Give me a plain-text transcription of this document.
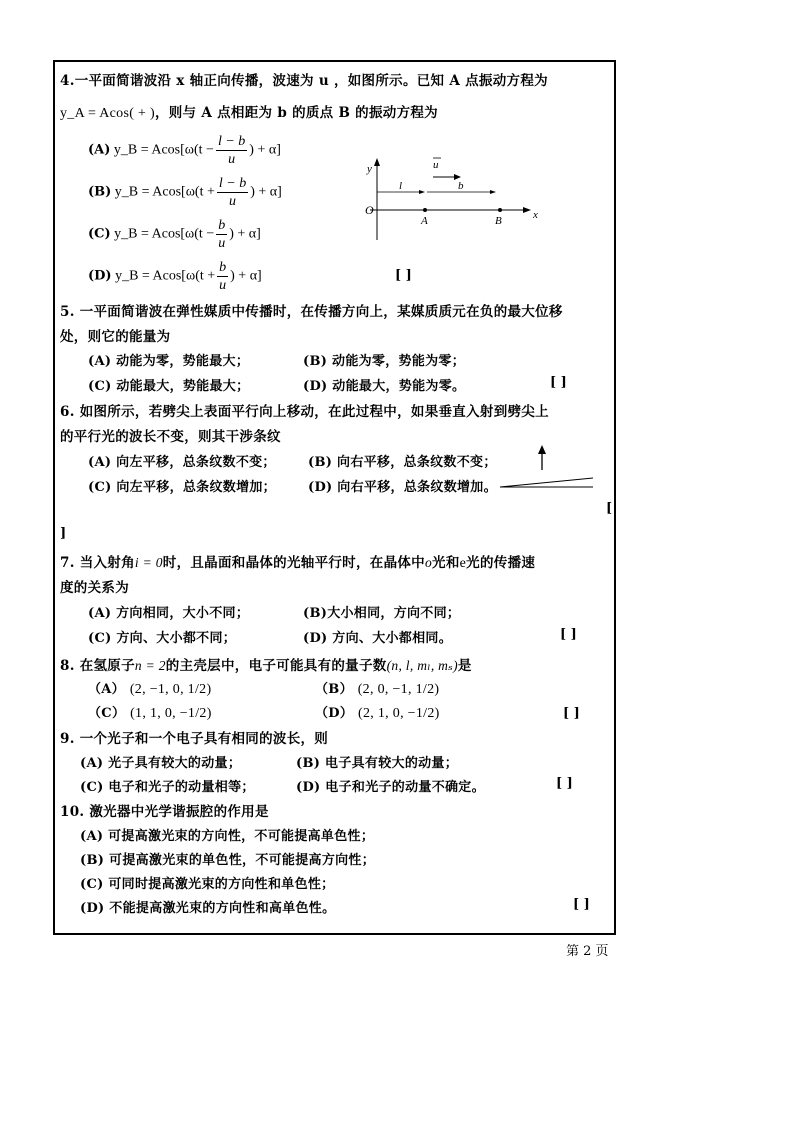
4.一平面简谐波沿 x 轴正向传播，波速为 u ，如图所示。已知 A 点振动方程为
y_A = Acos( + )，则与 A 点相距为 b 的质点 B 的振动方程为
(A) y_B = $Acos[\omega(t - \frac{l - b}{u}$ ) + α]
(B) y_B = $Acos[\omega(t + \frac{l - b}{u}$ ) + α]
(C) y_B = $Acos[\omega(t - \frac{b}{u}$ ) + α]
(D) y_B = $Acos[\omega(t + \frac{b}{u}$ ) + α]	[ ]
y
O	x
u
l	b
A	B
5. 一平面简谐波在弹性媒质中传播时，在传播方向上，某媒质质元在负的最大位移
处，则它的能量为
(A) 动能为零，势能最大；	(B) 动能为零，势能为零；
(C) 动能最大，势能最大；	(D) 动能最大，势能为零。	[ ]
6. 如图所示，若劈尖上表面平行向上移动，在此过程中，如果垂直入射到劈尖上
的平行光的波长不变，则其干涉条纹
(A) 向左平移，总条纹数不变； (B) 向右平移，总条纹数不变；
(C) 向左平移，总条纹数增加； (D) 向右平移，总条纹数增加。
[
]
7. 当入射角i = 0时，且晶面和晶体的光轴平行时，在晶体中o光和e光的传播速
度的关系为
(A) 方向相同，大小不同；	(B)大小相同，方向不同；
(C) 方向、大小都不同；	(D) 方向、大小都相同。	[ ]
8. 在氢原子n = 2的主壳层中，电子可能具有的量子数(n, l, mₗ, mₛ)是
（A） (2, −1, 0, 1/2)	（B） (2, 0, −1, 1/2)
（C） (1, 1, 0, −1/2)	（D） (2, 1, 0, −1/2)	[ ]
9. 一个光子和一个电子具有相同的波长，则
(A) 光子具有较大的动量；	(B) 电子具有较大的动量；
(C) 电子和光子的动量相等；	(D) 电子和光子的动量不确定。	[ ]
10. 激光器中光学谐振腔的作用是
(A) 可提高激光束的方向性，不可能提高单色性；
(B) 可提高激光束的单色性，不可能提高方向性；
(C) 可同时提高激光束的方向性和单色性；
(D) 不能提高激光束的方向性和高单色性。	[ ]
第 2 页
